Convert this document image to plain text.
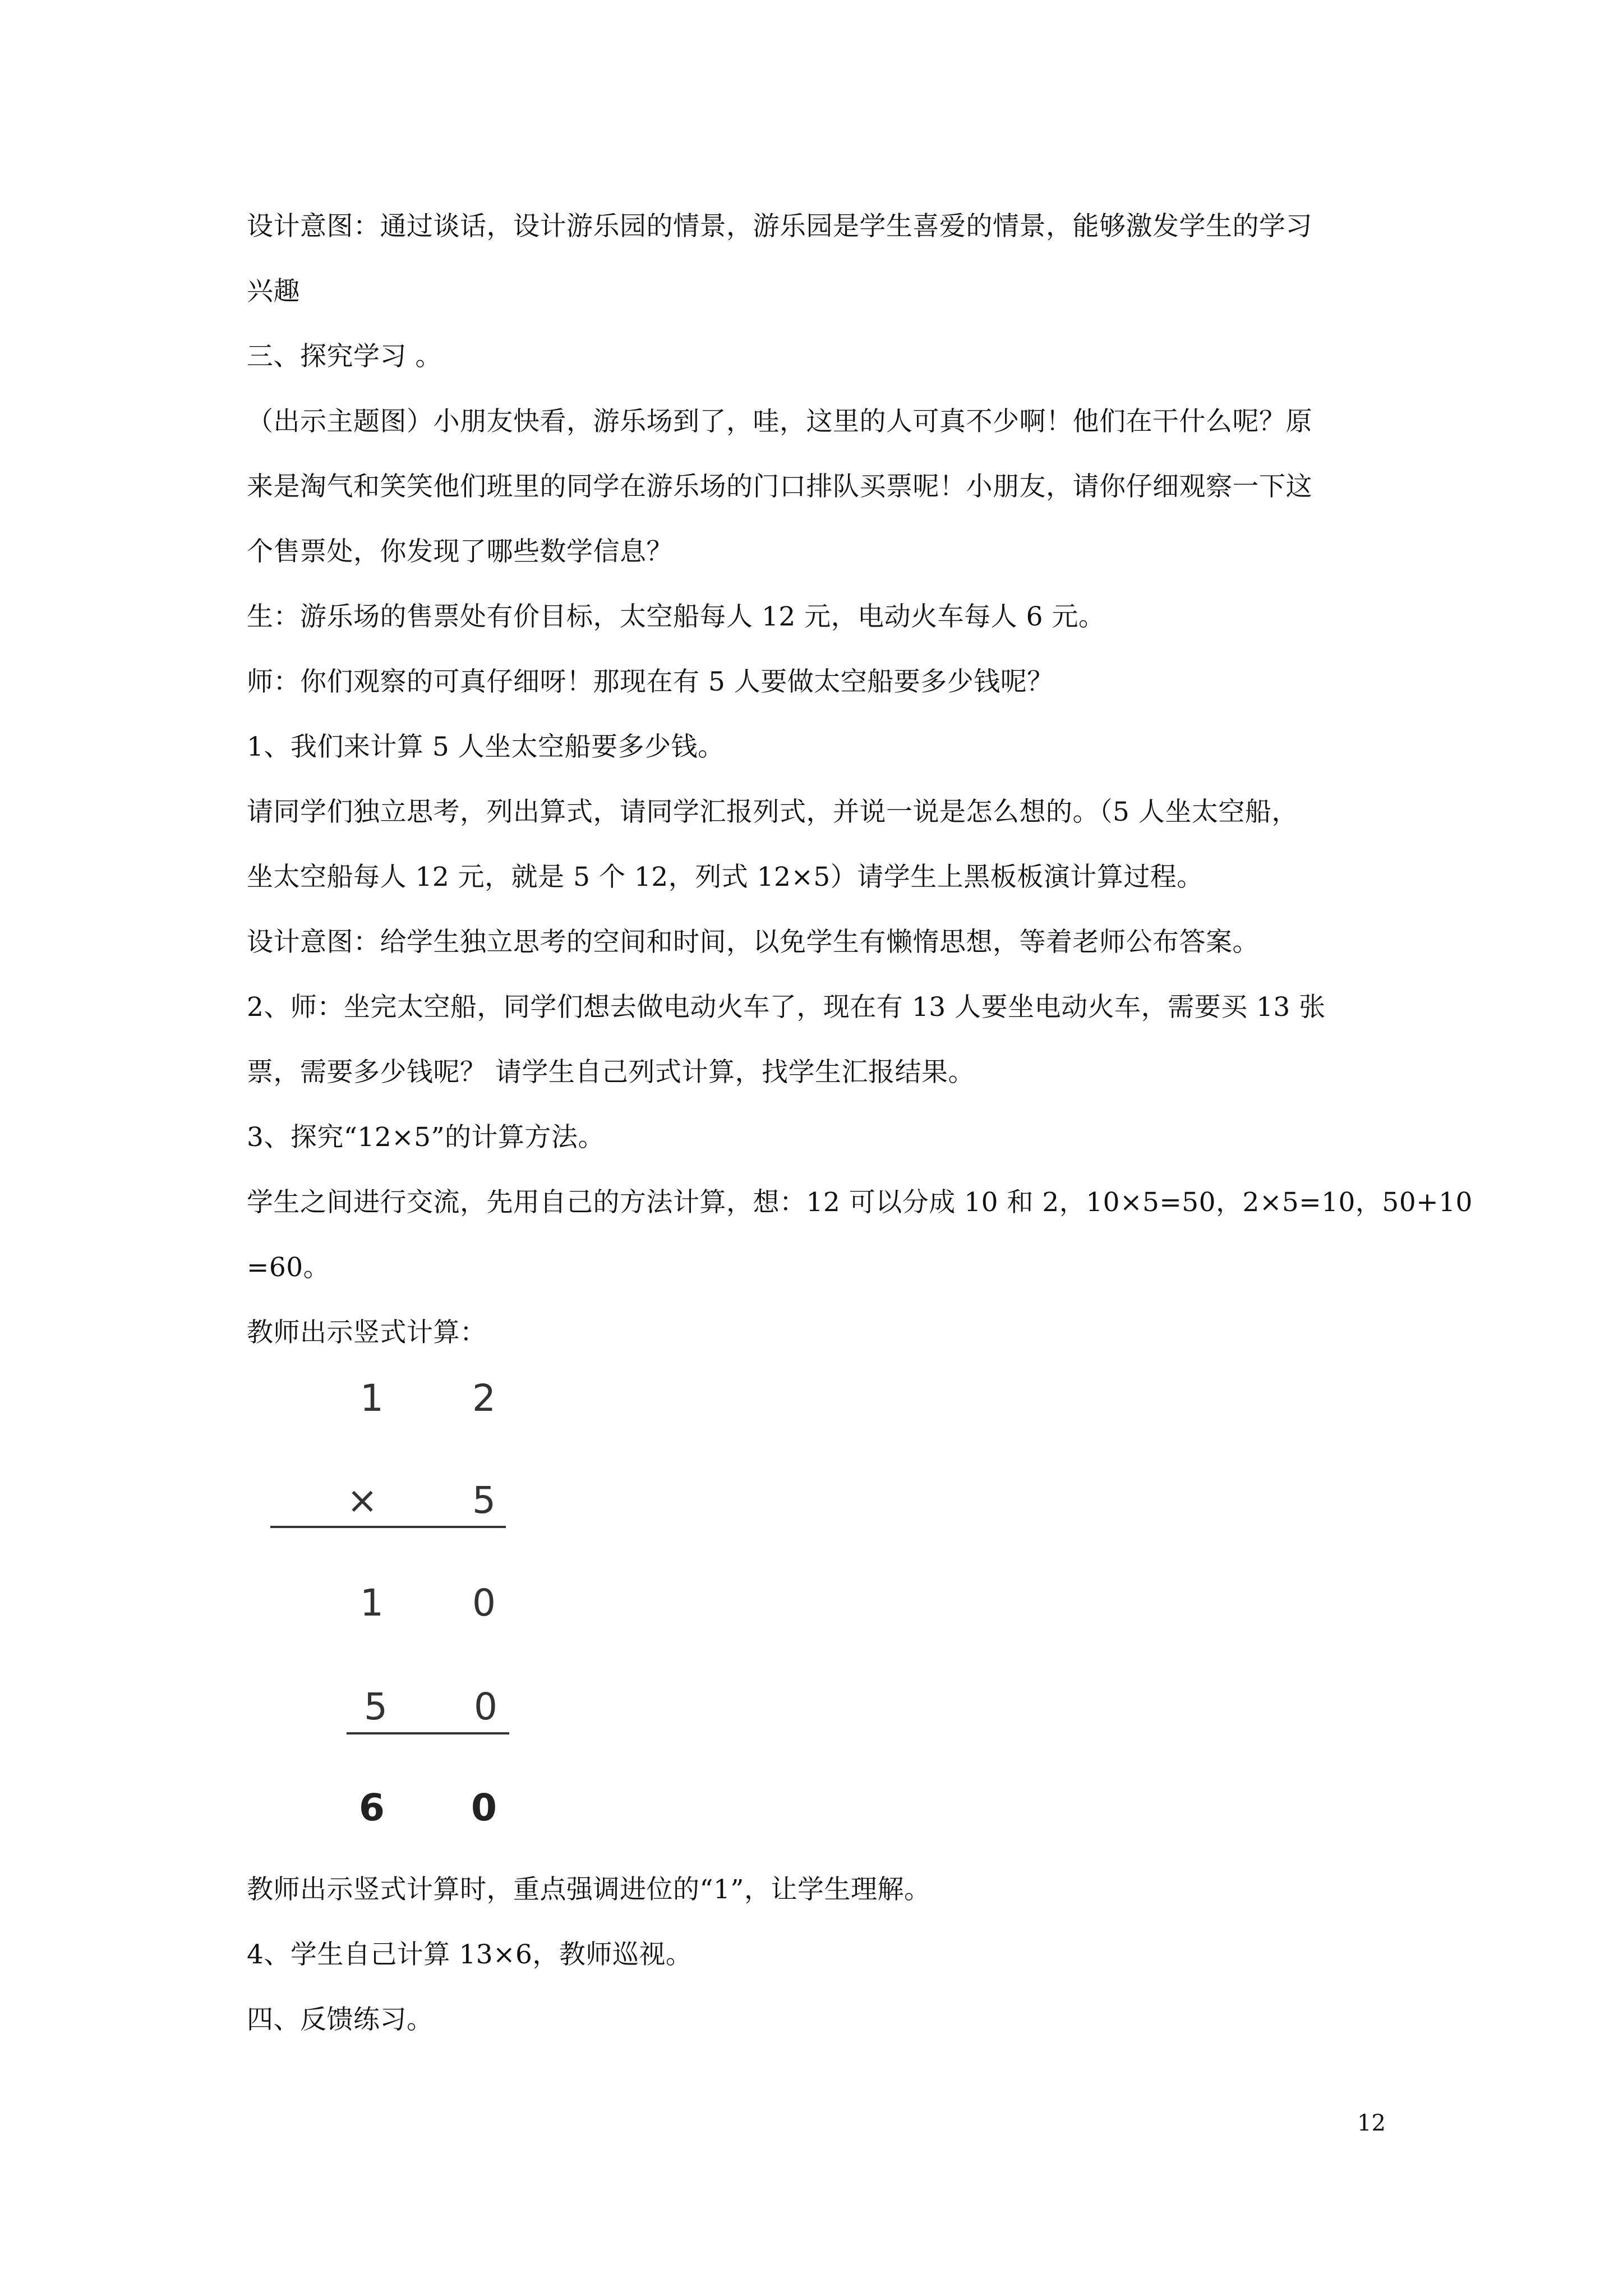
设计意图：通过谈话，设计游乐园的情景，游乐园是学生喜爱的情景，能够激发学生的学习

兴趣

三、探究学习 。

（出示主题图）小朋友快看，游乐场到了，哇，这里的人可真不少啊！他们在干什么呢？原

来是淘气和笑笑他们班里的同学在游乐场的门口排队买票呢！小朋友，请你仔细观察一下这

个售票处，你发现了哪些数学信息？

生：游乐场的售票处有价目标，太空船每人 12 元，电动火车每人 6 元。

师：你们观察的可真仔细呀！那现在有 5 人要做太空船要多少钱呢？

1、我们来计算 5 人坐太空船要多少钱。

请同学们独立思考，列出算式，请同学汇报列式，并说一说是怎么想的。（5 人坐太空船，

坐太空船每人 12 元，就是 5 个 12，列式 12×5）请学生上黑板板演计算过程。

设计意图：给学生独立思考的空间和时间，以免学生有懒惰思想，等着老师公布答案。

2、师：坐完太空船，同学们想去做电动火车了，现在有 13 人要坐电动火车，需要买 13 张

票，需要多少钱呢？ 请学生自己列式计算，找学生汇报结果。

3、探究“12×5”的计算方法。

学生之间进行交流，先用自己的方法计算，想：12 可以分成 10 和 2，10×5=50，2×5=10，50+10

=60。

教师出示竖式计算：

1 2
×	5
1 0
5 0
6 0

教师出示竖式计算时，重点强调进位的“1”，让学生理解。

4、学生自己计算 13×6，教师巡视。

四、反馈练习。

12
